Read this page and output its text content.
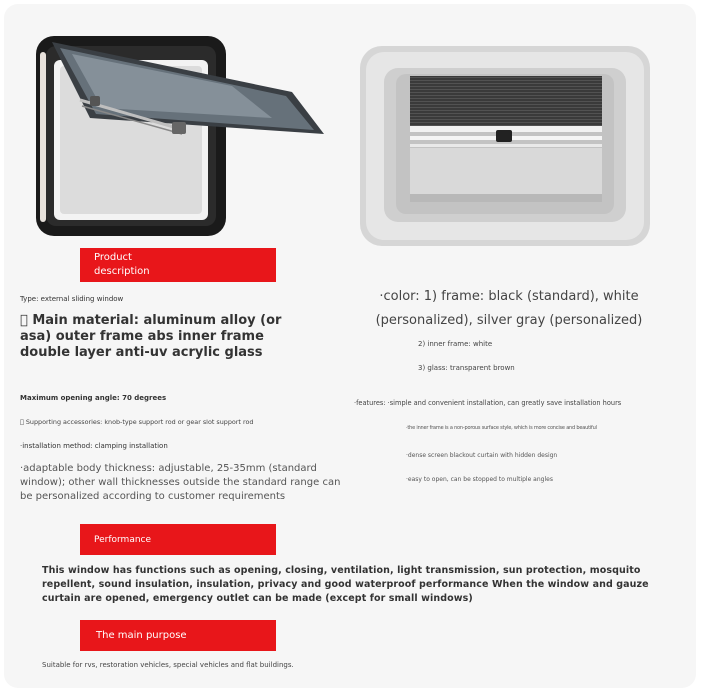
Product description
Type: external sliding window
  Main material: aluminum alloy (or asa) outer frame abs inner frame double layer anti-uv acrylic glass
Maximum opening angle: 70 degrees
  Supporting accessories: knob-type support rod or gear slot support rod
·installation method: clamping installation
·adaptable body thickness: adjustable, 25-35mm (standard window); other wall thicknesses outside the standard range can be personalized according to customer requirements
·color: 1) frame: black (standard), white (personalized), silver gray (personalized)
2) inner frame: white
3) glass: transparent brown
·features: ·simple and convenient installation, can greatly save installation hours
·the inner frame is a non-porous surface style, which is more concise and beautiful
·dense screen blackout curtain with hidden design
·easy to open, can be stopped to multiple angles
Performance
This window has functions such as opening, closing, ventilation, light transmission, sun protection, mosquito repellent, sound insulation, insulation, privacy and good waterproof performance When the window and gauze curtain are opened, emergency outlet can be made (except for small windows)
The main purpose
Suitable for rvs, restoration vehicles, special vehicles and flat buildings.
